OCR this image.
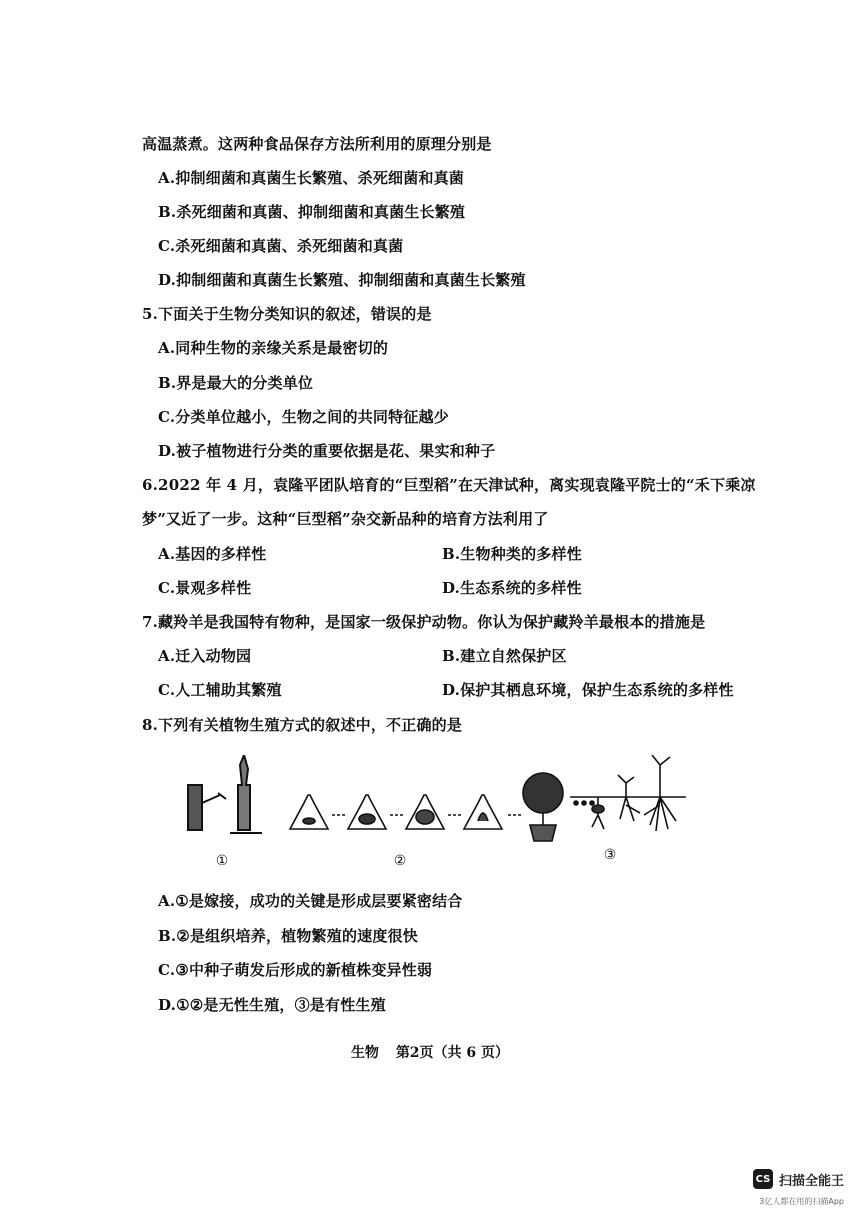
高温蒸煮。这两种食品保存方法所利用的原理分别是
A.抑制细菌和真菌生长繁殖、杀死细菌和真菌
B.杀死细菌和真菌、抑制细菌和真菌生长繁殖
C.杀死细菌和真菌、杀死细菌和真菌
D.抑制细菌和真菌生长繁殖、抑制细菌和真菌生长繁殖
5.下面关于生物分类知识的叙述，错误的是
A.同种生物的亲缘关系是最密切的
B.界是最大的分类单位
C.分类单位越小，生物之间的共同特征越少
D.被子植物进行分类的重要依据是花、果实和种子
6.2022 年 4 月，袁隆平团队培育的“巨型稻”在天津试种，离实现袁隆平院士的“禾下乘凉
梦”又近了一步。这种“巨型稻”杂交新品种的培育方法利用了
A.基因的多样性	B.生物种类的多样性
C.景观多样性	D.生态系统的多样性
7.藏羚羊是我国特有物种，是国家一级保护动物。你认为保护藏羚羊最根本的措施是
A.迁入动物园	B.建立自然保护区
C.人工辅助其繁殖	D.保护其栖息环境，保护生态系统的多样性
8.下列有关植物生殖方式的叙述中，不正确的是
①	②	③
A.①是嫁接，成功的关键是形成层要紧密结合
B.②是组织培养，植物繁殖的速度很快
C.③中种子萌发后形成的新植株变异性弱
D.①②是无性生殖，③是有性生殖
生物 第2页（共 6 页）
CS 扫描全能王
3亿人都在用的扫描App
